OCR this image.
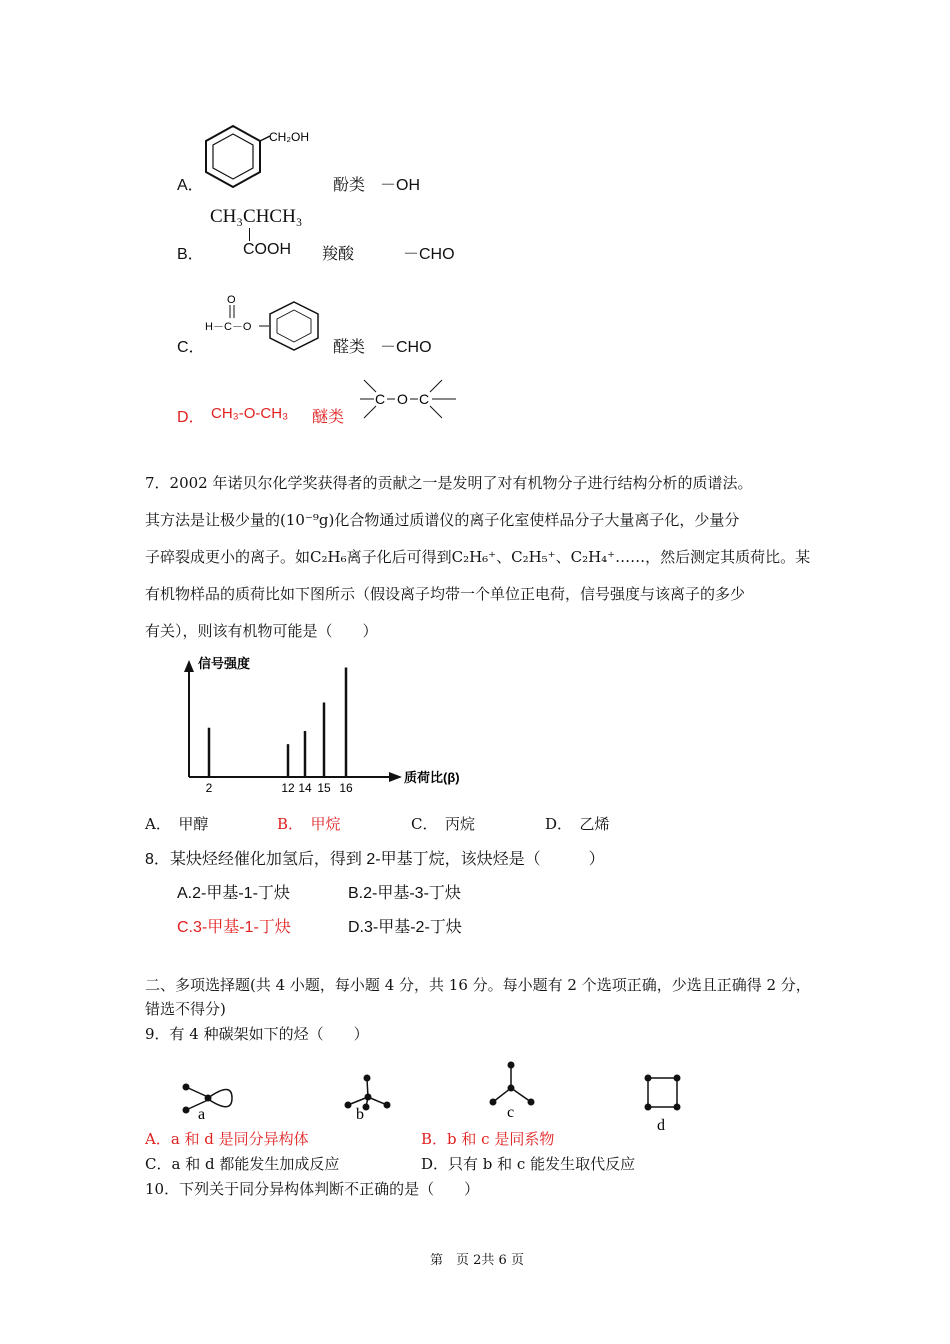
A．
CH₂OH
酚类 －OH
B．
CH₃CHCH₃
COOH 羧酸	－CHO
C．
O
H－C－O
醛类 －CHO
D． CH₃-O-CH₃ 醚类
C O C
7．2002 年诺贝尔化学奖获得者的贡献之一是发明了对有机物分子进行结构分析的质谱法。
其方法是让极少量的(10⁻⁹g)化合物通过质谱仪的离子化室使样品分子大量离子化，少量分
子碎裂成更小的离子。如C₂H₆离子化后可得到C₂H₆⁺、C₂H₅⁺、C₂H₄⁺……，然后测定其质荷比。某
有机物样品的质荷比如下图所示（假设离子均带一个单位正电荷，信号强度与该离子的多少
有关），则该有机物可能是（　　）
信号强度
质荷比(β)
2	12 14 15 16
A．　甲醇	B．　甲烷	C．　丙烷	D．　乙烯
8．某炔烃经催化加氢后，得到 2-甲基丁烷，该炔烃是（　　　）
A.2-甲基-1-丁炔	B.2-甲基-3-丁炔
C.3-甲基-1-丁炔	D.3-甲基-2-丁炔
二、多项选择题(共 4 小题，每小题 4 分，共 16 分。每小题有 2 个选项正确，少选且正确得 2 分，
错选不得分)
9．有 4 种碳架如下的烃（　　）
a	b	c
d
A．a 和 d 是同分异构体	B．b 和 c 是同系物
C．a 和 d 都能发生加成反应	D．只有 b 和 c 能发生取代反应
10．下列关于同分异构体判断不正确的是（　　）
第　页 2共 6 页
